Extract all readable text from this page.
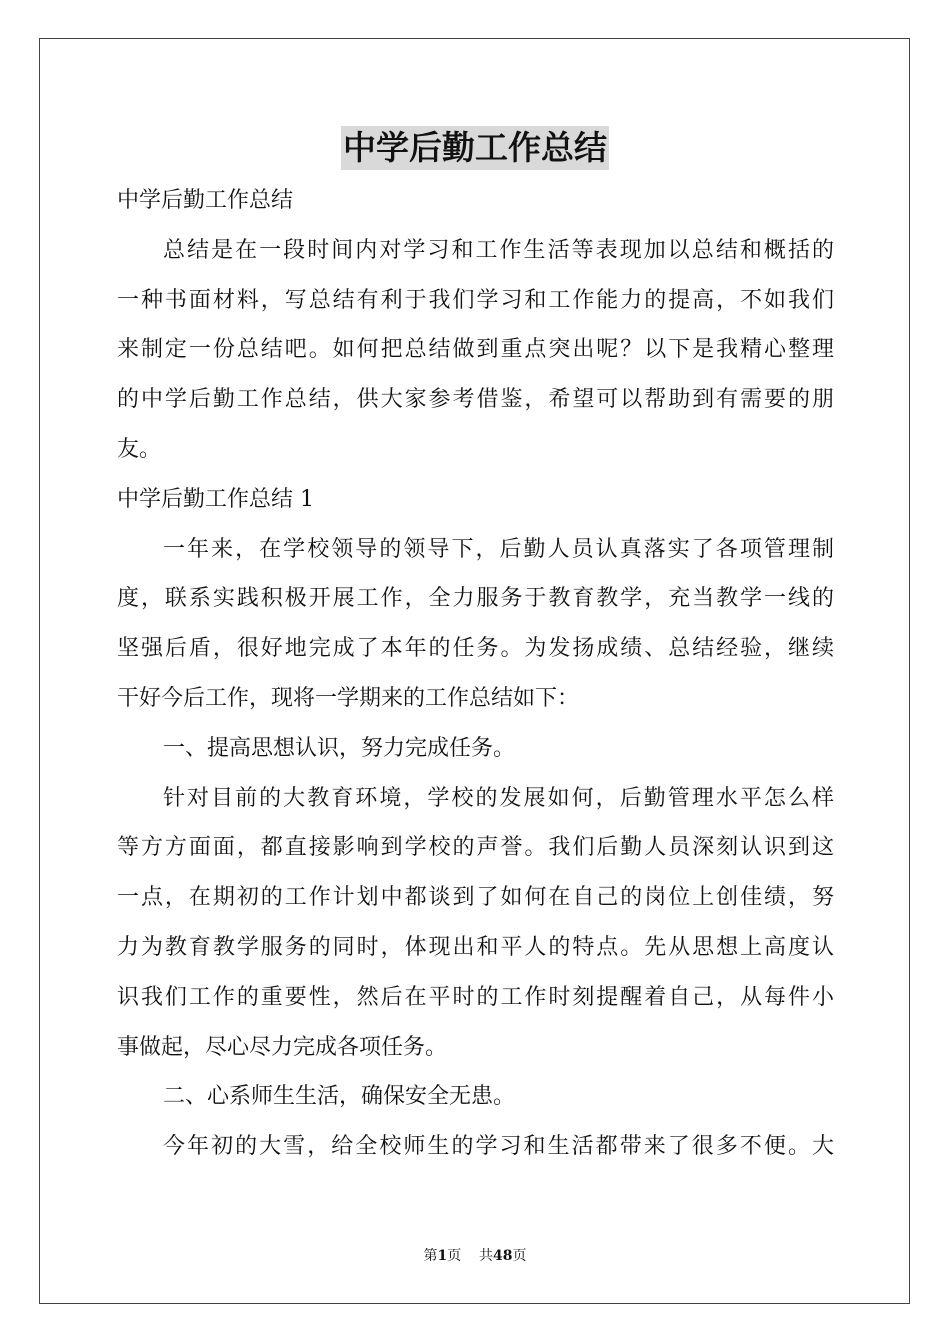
中学后勤工作总结

中学后勤工作总结

总结是在一段时间内对学习和工作生活等表现加以总结和概括的
一种书面材料，写总结有利于我们学习和工作能力的提高，不如我们
来制定一份总结吧。如何把总结做到重点突出呢？以下是我精心整理
的中学后勤工作总结，供大家参考借鉴，希望可以帮助到有需要的朋
友。

中学后勤工作总结 1

一年来，在学校领导的领导下，后勤人员认真落实了各项管理制
度，联系实践积极开展工作，全力服务于教育教学，充当教学一线的
坚强后盾，很好地完成了本年的任务。为发扬成绩、总结经验，继续
干好今后工作，现将一学期来的工作总结如下：

一、提高思想认识，努力完成任务。

针对目前的大教育环境，学校的发展如何，后勤管理水平怎么样
等方方面面，都直接影响到学校的声誉。我们后勤人员深刻认识到这
一点，在期初的工作计划中都谈到了如何在自己的岗位上创佳绩，努
力为教育教学服务的同时，体现出和平人的特点。先从思想上高度认
识我们工作的重要性，然后在平时的工作时刻提醒着自己，从每件小
事做起，尽心尽力完成各项任务。

二、心系师生生活，确保安全无患。

今年初的大雪，给全校师生的学习和生活都带来了很多不便。大
第1页 共48页
